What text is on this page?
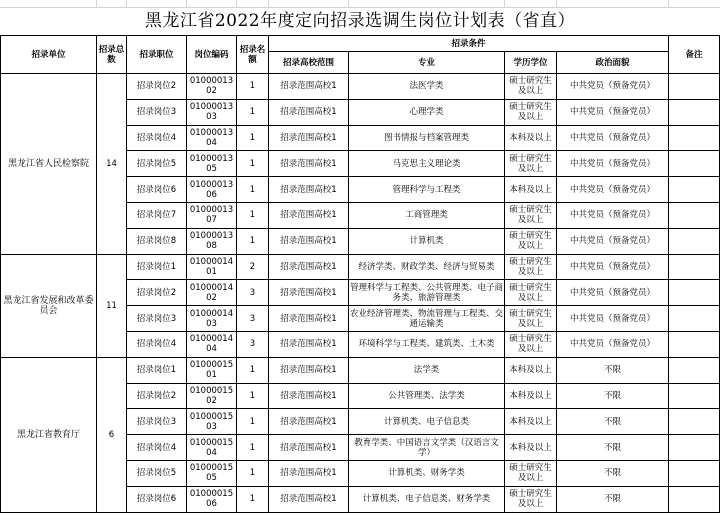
黑龙江省2022年度定向招录选调生岗位计划表（省直）
招录单位	招录总数	招录职位	岗位编码	招录名额	招录条件				备注
					招录高校范围	专业	学历学位	政治面貌	
黑龙江省人民检察院	14	招录岗位2	0100001302	1	招录范围高校1	法医学类	硕士研究生及以上	中共党员（预备党员）	
		招录岗位3	0100001303	1	招录范围高校1	心理学类	硕士研究生及以上	中共党员（预备党员）	
		招录岗位4	0100001304	1	招录范围高校1	图书情报与档案管理类	本科及以上	中共党员（预备党员）	
		招录岗位5	0100001305	1	招录范围高校1	马克思主义理论类	硕士研究生及以上	中共党员（预备党员）	
		招录岗位6	0100001306	1	招录范围高校1	管理科学与工程类	本科及以上	中共党员（预备党员）	
		招录岗位7	0100001307	1	招录范围高校1	工商管理类	硕士研究生及以上	中共党员（预备党员）	
		招录岗位8	0100001308	1	招录范围高校1	计算机类	硕士研究生及以上	中共党员（预备党员）	
黑龙江省发展和改革委员会	11	招录岗位1	0100001401	2	招录范围高校1	经济学类、财政学类、经济与贸易类	硕士研究生及以上	中共党员（预备党员）	
		招录岗位2	0100001402	3	招录范围高校1	管理科学与工程类、公共管理类、电子商务类、旅游管理类	硕士研究生及以上	中共党员（预备党员）	
		招录岗位3	0100001403	3	招录范围高校1	农业经济管理类、物流管理与工程类、交通运输类	硕士研究生及以上	中共党员（预备党员）	
		招录岗位4	0100001404	3	招录范围高校1	环境科学与工程类、建筑类、土木类	硕士研究生及以上	中共党员（预备党员）	
黑龙江省教育厅	6	招录岗位1	0100001501	1	招录范围高校1	法学类	本科及以上	不限	
		招录岗位2	0100001502	1	招录范围高校1	公共管理类、法学类	本科及以上	不限	
		招录岗位3	0100001503	1	招录范围高校1	计算机类、电子信息类	本科及以上	不限	
		招录岗位4	0100001504	1	招录范围高校1	教育学类、中国语言文学类（汉语言文学）	本科及以上	不限	
		招录岗位5	0100001505	1	招录范围高校1	计算机类、财务学类	硕士研究生及以上	不限	
		招录岗位6	0100001506	1	招录范围高校1	计算机类、电子信息类、财务学类	硕士研究生及以上	不限	
